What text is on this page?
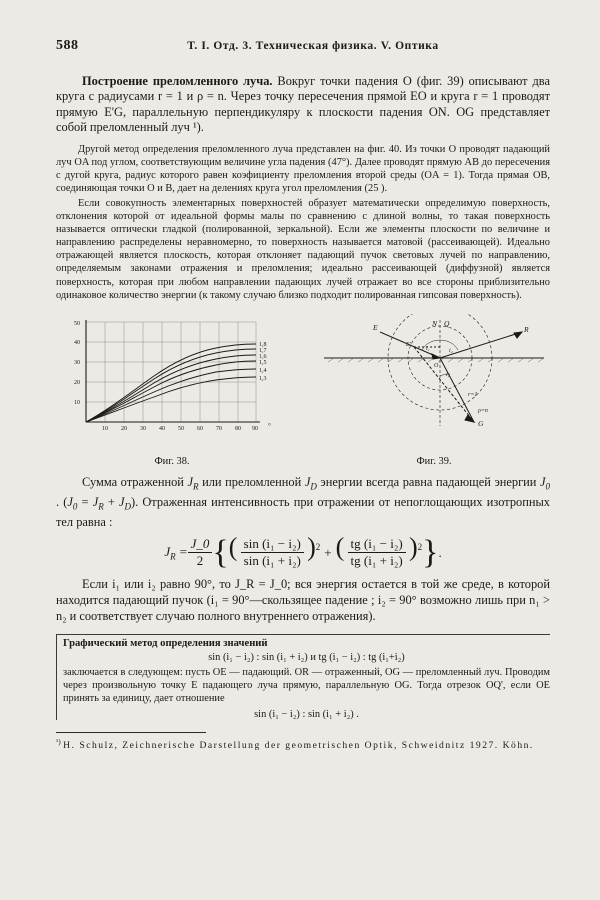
588	Т. I. Отд. 3. Техническая физика. V. Оптика

Построение преломленного луча. Вокруг точки падения O (фиг. 39) описывают два круга с радиусами r = 1 и ρ = n. Через точку пересечения прямой EO и круга r = 1 проводят прямую E'G, параллельную перпендикуляру к плоскости падения ON. OG представляет собой преломленный луч ¹).

Другой метод определения преломленного луча представлен на фиг. 40. Из точки O проводят падающий луч OA под углом, соответствующим величине угла падения (47°). Далее проводят прямую AB до пересечения с дугой круга, радиус которого равен коэфициенту преломления второй среды (OA = 1). Тогда прямая OB, соединяющая точки O и B, дает на делениях круга угол преломления (25 ).

Если совокупность элементарных поверхностей образует математически определимую поверхность, отклонения которой от идеальной формы малы по сравнению с длиной волны, то такая поверхность называется оптически гладкой (полированной, зеркальной). Если же элементы плоскости по величине и направлению распределены неравномерно, то поверхность называется матовой (рассеивающей). Идеально отражающей является плоскость, которая отклоняет падающий пучок световых лучей по направлению, определяемым законами отражения и преломления; идеально рассеивающей (диффузной) является поверхность, которая при любом направлении падающих лучей отражает во все стороны приблизительно одинаковое количество энергии (к такому случаю близко подходит полированная гипсовая поверхность).

10
20
30
40
50
10 20 30 40 50 60 70 80 90 °
1,8
1,7
1,6
1,5
1,4
1,3
Фиг. 38.
E	R
Q
N
i₁	i₂
i₂
G
E′
O
r=1
ρ=n
Фиг. 39.

Сумма отраженной $J_R$ или преломленной $J_D$ энергии всегда равна падающей энергии $J_0$ . $(J_0 = J_R + J_D)$. Отраженная интенсивность при отражении от непоглощающих изотропных тел равна :

$J_R = \frac{J\_0}{2}$ { ( $\frac{\text{sin (i₁ − i₂)}}{\text{sin (i₁ + i₂)}} )^2$ + ( $\frac{\text{tg (i₁ − i₂)}}{\text{tg (i₁ + i₂)}} )^2$ } .

Если i₁ или i₂ равно 90°, то J_R = J_0; вся энергия остается в той же среде, в которой находится падающий пучок (i₁ = 90°—скользящее падение ; i₂ = 90° возможно лишь при n₁ > n₂ и соответствует случаю полного внутреннего отражения).

Графический метод определения значений
sin (i₁ − i₂) : sin (i₁ + i₂) и tg (i₁ − i₂) : tg (i₁+i₂)
заключается в следующем: пусть OE — падающий. OR — отраженный, OG — преломленный луч. Проводим через произвольную точку E падающего луча прямую, параллельную OG. Тогда отрезок OQ', если OE принять за единицу, дает отношение
sin (i₁ − i₂) : sin (i₁ + i₂) .
$^{^1)}$ H. Schulz, Zeichnerische Darstellung der geometrischen Optik, Schweidnitz 1927. Köhn.
